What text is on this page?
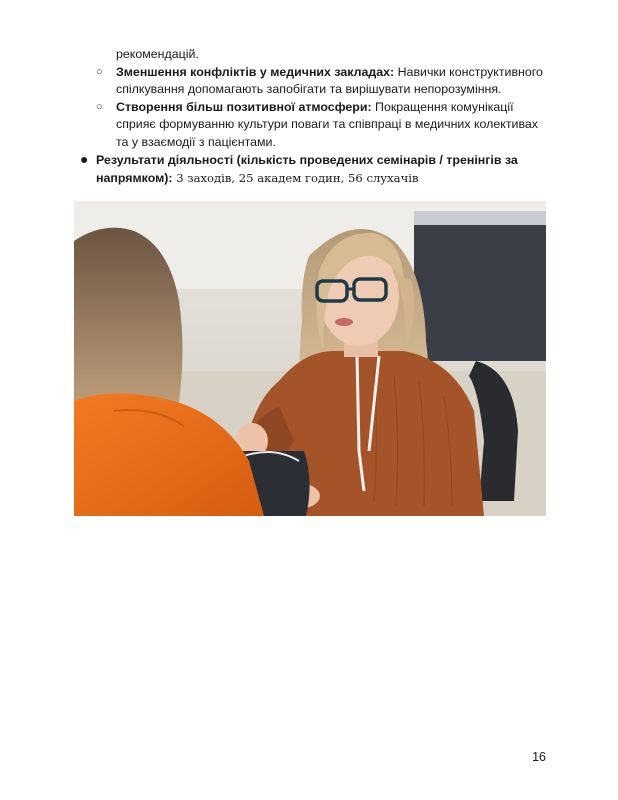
рекомендацій.
○ Зменшення конфліктів у медичних закладах: Навички конструктивного
спілкування допомагають запобігати та вирішувати непорозуміння.
○ Створення більш позитивної атмосфери: Покращення комунікації
сприяє формуванню культури поваги та співпраці в медичних колективах
та у взаємодії з пацієнтами.
● Результати діяльності (кількість проведених семінарів / тренінгів за
напрямком): 3 заходів, 25 академ годин, 56 слухачів
16
